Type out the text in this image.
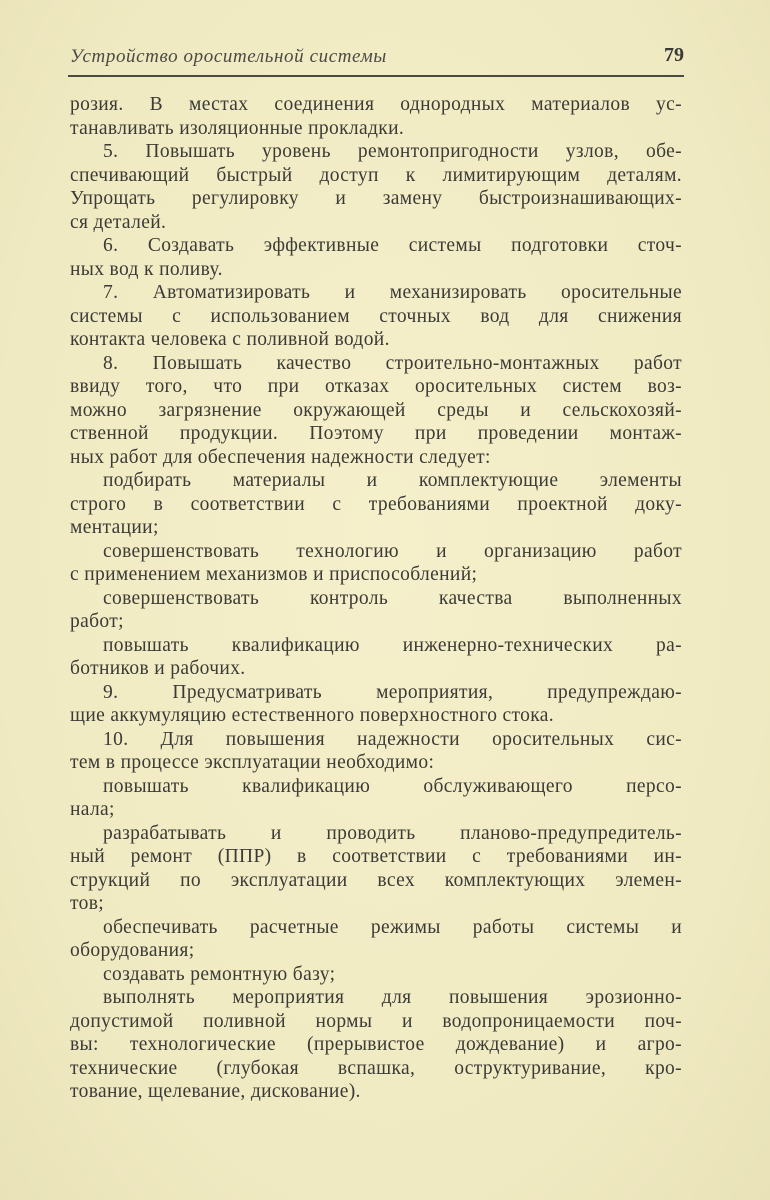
Устройство оросительной системы	79
розия. В местах соединения однородных материалов ус-
танавливать изоляционные прокладки.
5. Повышать уровень ремонтопригодности узлов, обе-
спечивающий быстрый доступ к лимитирующим деталям.
Упрощать регулировку и замену быстроизнашивающих-
ся деталей.
6. Создавать эффективные системы подготовки сточ-
ных вод к поливу.
7. Автоматизировать и механизировать оросительные
системы с использованием сточных вод для снижения
контакта человека с поливной водой.
8. Повышать качество строительно-монтажных работ
ввиду того, что при отказах оросительных систем воз-
можно загрязнение окружающей среды и сельскохозяй-
ственной продукции. Поэтому при проведении монтаж-
ных работ для обеспечения надежности следует:
подбирать материалы и комплектующие элементы
строго в соответствии с требованиями проектной доку-
ментации;
совершенствовать технологию и организацию работ
с применением механизмов и приспособлений;
совершенствовать контроль качества выполненных
работ;
повышать квалификацию инженерно-технических ра-
ботников и рабочих.
9. Предусматривать мероприятия, предупреждаю-
щие аккумуляцию естественного поверхностного стока.
10. Для повышения надежности оросительных сис-
тем в процессе эксплуатации необходимо:
повышать квалификацию обслуживающего персо-
нала;
разрабатывать и проводить планово-предупредитель-
ный ремонт (ППР) в соответствии с требованиями ин-
струкций по эксплуатации всех комплектующих элемен-
тов;
обеспечивать расчетные режимы работы системы и
оборудования;
создавать ремонтную базу;
выполнять мероприятия для повышения эрозионно-
допустимой поливной нормы и водопроницаемости поч-
вы: технологические (прерывистое дождевание) и агро-
технические (глубокая вспашка, оструктуривание, кро-
тование, щелевание, дискование).
